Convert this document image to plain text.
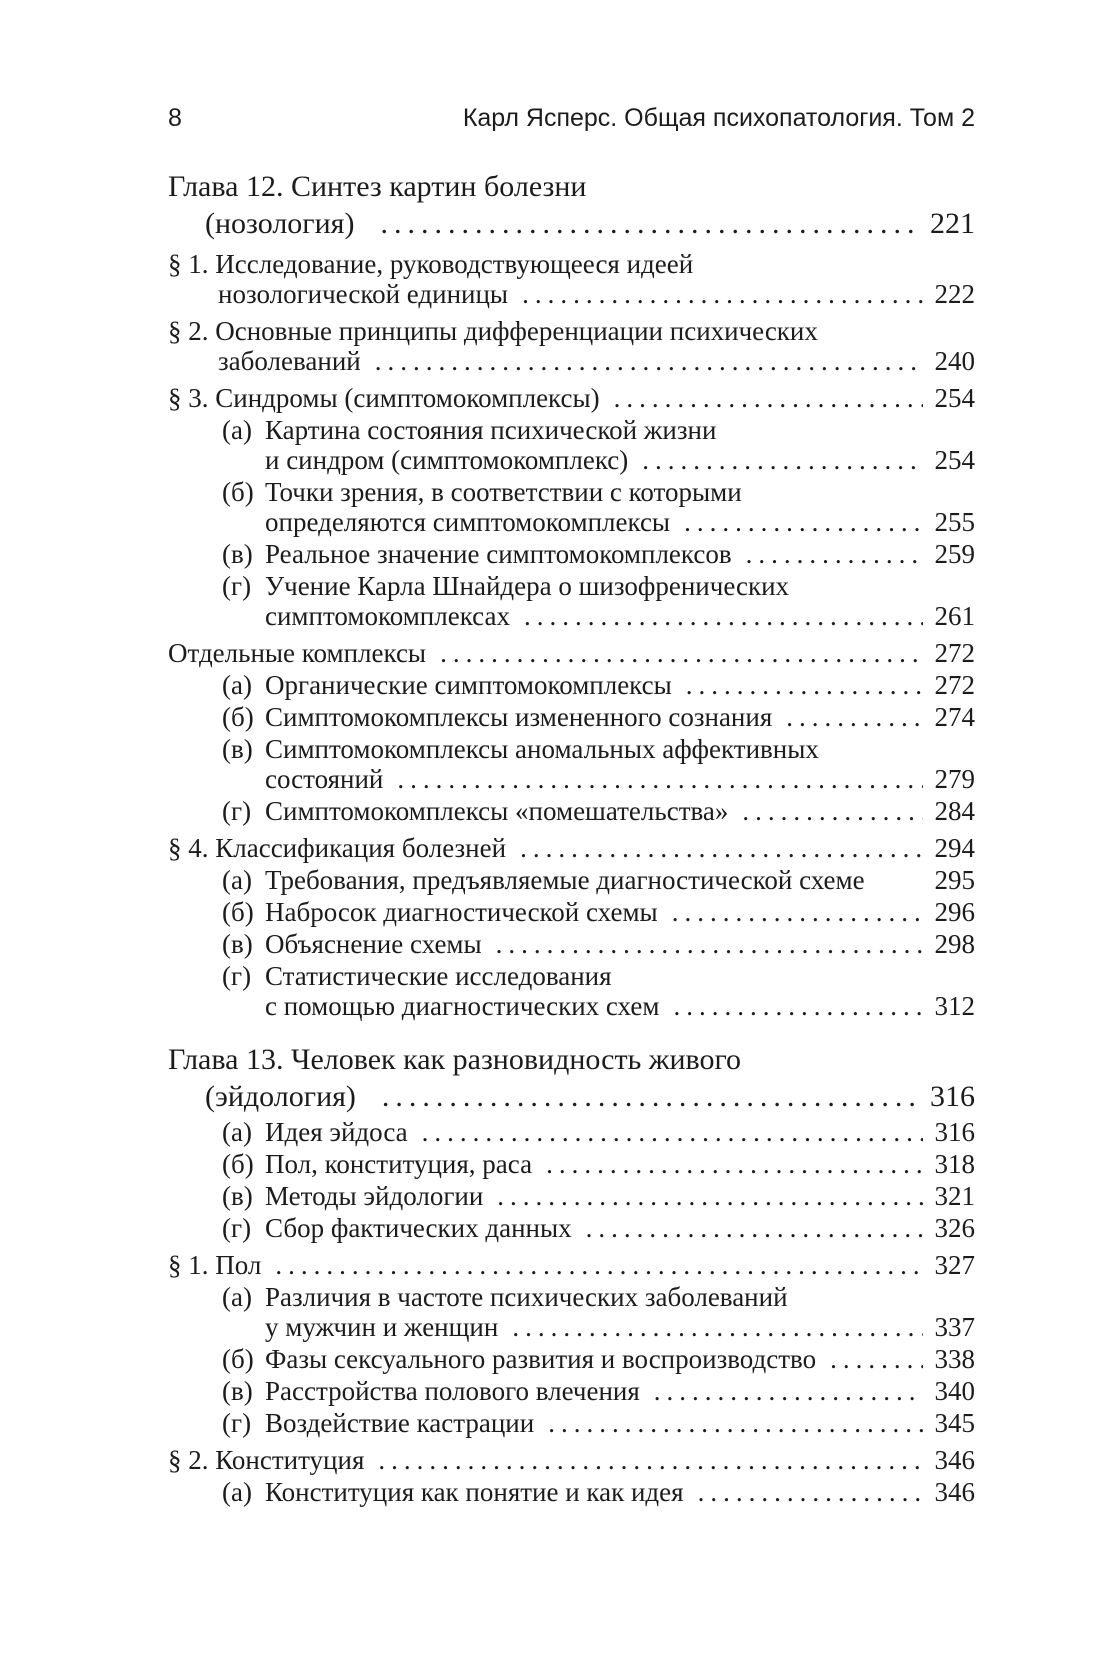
8	Карл Ясперс. Общая психопатология. Том 2
Глава 12. Синтез картин болезни
(нозология) .....	221
§ 1. Исследование, руководствующееся идеей
нозологической единицы .....	222
§ 2. Основные принципы дифференциации психических
заболеваний .....	240
§ 3. Синдромы (симптомокомплексы) .....	254
(а) Картина состояния психической жизни
и синдром (симптомокомплекс) .....	254
(б) Точки зрения, в соответствии с которыми
определяются симптомокомплексы .....	255
(в) Реальное значение симптомокомплексов .....	259
(г) Учение Карла Шнайдера о шизофренических
симптомокомплексах .....	261
Отдельные комплексы .....	272
(а) Органические симптомокомплексы .....	272
(б) Симптомокомплексы измененного сознания .....	274
(в) Симптомокомплексы аномальных аффективных
состояний .....	279
(г) Симптомокомплексы «помешательства» .....	284
§ 4. Классификация болезней .....	294
(а) Требования, предъявляемые диагностической схеме	295
(б) Набросок диагностической схемы .....	296
(в) Объяснение схемы .....	298
(г) Статистические исследования
с помощью диагностических схем .....	312
Глава 13. Человек как разновидность живого
(эйдология) .....	316
(а) Идея эйдоса .....	316
(б) Пол, конституция, раса .....	318
(в) Методы эйдологии .....	321
(г) Сбор фактических данных .....	326
§ 1. Пол .....	327
(а) Различия в частоте психических заболеваний
у мужчин и женщин .....	337
(б) Фазы сексуального развития и воспроизводство .....	338
(в) Расстройства полового влечения .....	340
(г) Воздействие кастрации .....	345
§ 2. Конституция .....	346
(а) Конституция как понятие и как идея .....	346
